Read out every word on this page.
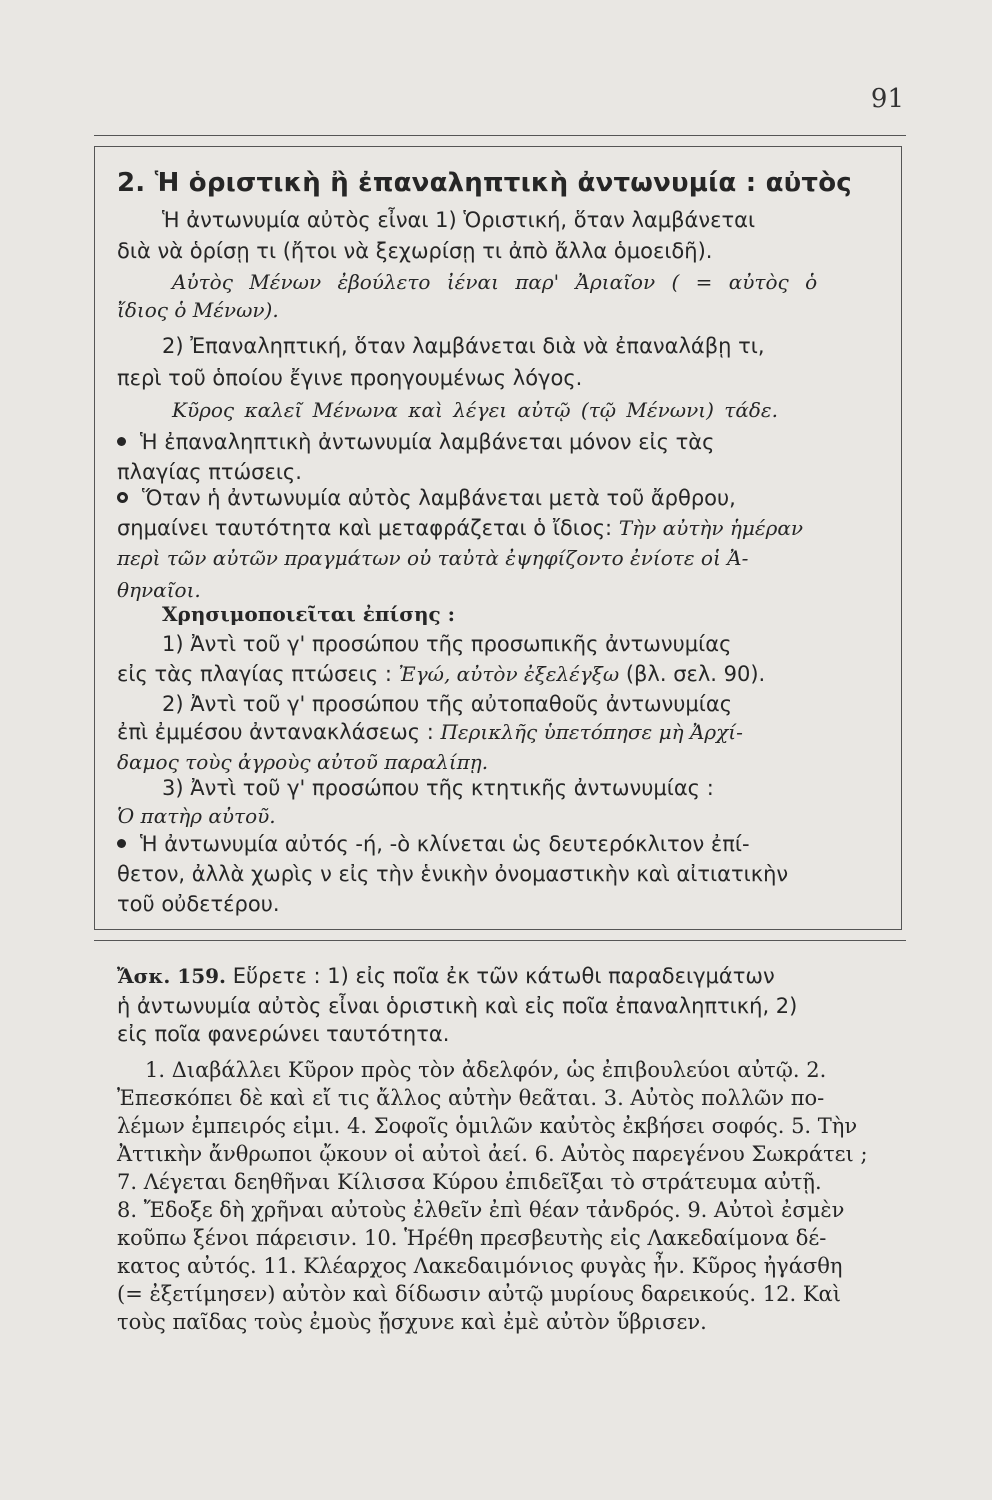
91
2. Ἡ ὁριστικὴ ἢ ἐπαναληπτικὴ ἀντωνυμία : αὐτὸς
Ἡ ἀντωνυμία αὐτὸς εἶναι 1) Ὁριστική, ὅταν λαμβάνεται
διὰ νὰ ὁρίσῃ τι (ἤτοι νὰ ξεχωρίσῃ τι ἀπὸ ἄλλα ὁμοειδῆ).
Αὐτὸς Μένων ἐβούλετο ἰέναι παρ' Ἀριαῖον ( = αὐτὸς ὁ
ἴδιος ὁ Μένων).
2) Ἐπαναληπτική, ὅταν λαμβάνεται διὰ νὰ ἐπαναλάβῃ τι,
περὶ τοῦ ὁποίου ἔγινε προηγουμένως λόγος.
Κῦρος καλεῖ Μένωνα καὶ λέγει αὐτῷ (τῷ Μένωνι) τάδε.
Ἡ ἐπαναληπτικὴ ἀντωνυμία λαμβάνεται μόνον εἰς τὰς
πλαγίας πτώσεις.
Ὅταν ἡ ἀντωνυμία αὐτὸς λαμβάνεται μετὰ τοῦ ἄρθρου,
σημαίνει ταυτότητα καὶ μεταφράζεται ὁ ἴδιος: Τὴν αὐτὴν ἡμέραν
περὶ τῶν αὐτῶν πραγμάτων οὐ ταὐτὰ ἐψηφίζοντο ἐνίοτε οἱ Ἀ-
θηναῖοι.
Χρησιμοποιεῖται ἐπίσης :
1) Ἀντὶ τοῦ γ' προσώπου τῆς προσωπικῆς ἀντωνυμίας
εἰς τὰς πλαγίας πτώσεις : Ἐγώ, αὐτὸν ἐξελέγξω (βλ. σελ. 90).
2) Ἀντὶ τοῦ γ' προσώπου τῆς αὐτοπαθοῦς ἀντωνυμίας
ἐπὶ ἐμμέσου ἀντανακλάσεως : Περικλῆς ὑπετόπησε μὴ Ἀρχί-
δαμος τοὺς ἀγροὺς αὐτοῦ παραλίπῃ.
3) Ἀντὶ τοῦ γ' προσώπου τῆς κτητικῆς ἀντωνυμίας :
Ὁ πατὴρ αὐτοῦ.
Ἡ ἀντωνυμία αὐτός -ή, -ὸ κλίνεται ὡς δευτερόκλιτον ἐπί-
θετον, ἀλλὰ χωρὶς ν εἰς τὴν ἑνικὴν ὀνομαστικὴν καὶ αἰτιατικὴν
τοῦ οὐδετέρου.
Ἄσκ. 159. Εὕρετε : 1) εἰς ποῖα ἐκ τῶν κάτωθι παραδειγμάτων
ἡ ἀντωνυμία αὐτὸς εἶναι ὁριστικὴ καὶ εἰς ποῖα ἐπαναληπτική, 2)
εἰς ποῖα φανερώνει ταυτότητα.
1. Διαβάλλει Κῦρον πρὸς τὸν ἀδελφόν, ὡς ἐπιβουλεύοι αὐτῷ. 2.
Ἐπεσκόπει δὲ καὶ εἴ τις ἄλλος αὐτὴν θεᾶται. 3. Αὐτὸς πολλῶν πο-
λέμων ἐμπειρός εἰμι. 4. Σοφοῖς ὁμιλῶν καὐτὸς ἐκβήσει σοφός. 5. Τὴν
Ἀττικὴν ἄνθρωποι ᾤκουν οἱ αὐτοὶ ἀεί. 6. Αὐτὸς παρεγένου Σωκράτει ;
7. Λέγεται δεηθῆναι Κίλισσα Κύρου ἐπιδεῖξαι τὸ στράτευμα αὐτῇ.
8. Ἔδοξε δὴ χρῆναι αὐτοὺς ἐλθεῖν ἐπὶ θέαν τἀνδρός. 9. Αὐτοὶ ἐσμὲν
κοῦπω ξένοι πάρεισιν. 10. Ἡρέθη πρεσβευτὴς εἰς Λακεδαίμονα δέ-
κατος αὐτός. 11. Κλέαρχος Λακεδαιμόνιος φυγὰς ἦν. Κῦρος ἠγάσθη
(= ἐξετίμησεν) αὐτὸν καὶ δίδωσιν αὐτῷ μυρίους δαρεικούς. 12. Καὶ
τοὺς παῖδας τοὺς ἐμοὺς ᾔσχυνε καὶ ἐμὲ αὐτὸν ὕβρισεν.
